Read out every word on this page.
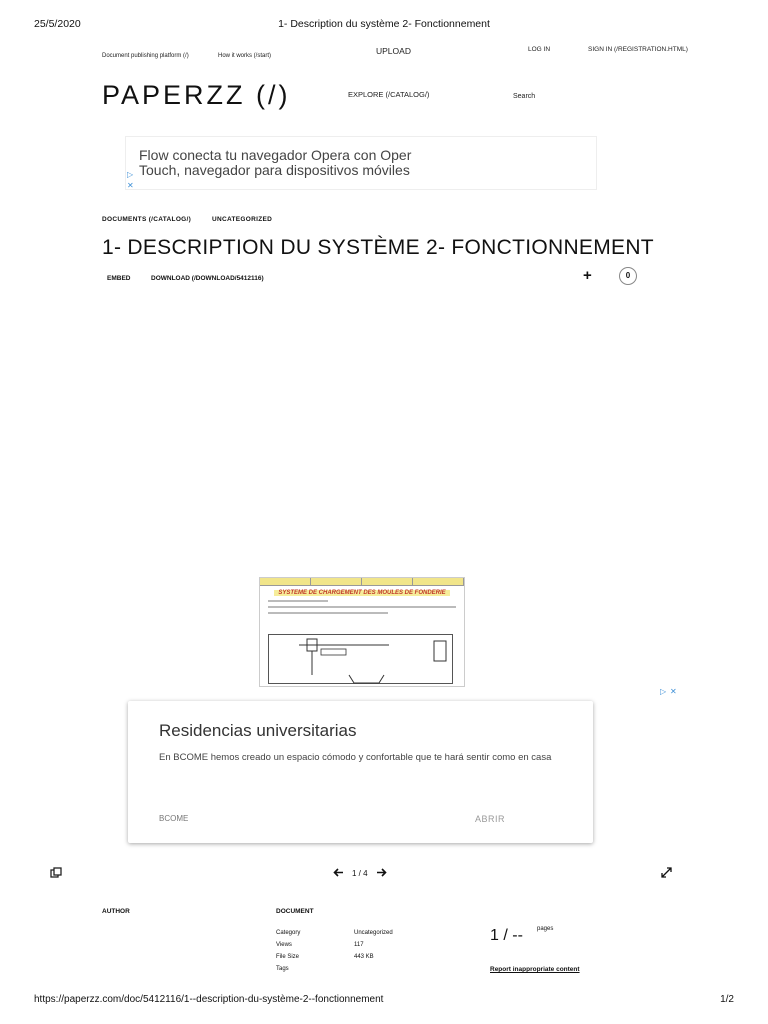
25/5/2020	1- Description du système 2- Fonctionnement
Document publishing platform (/)	How it works (/start)	UPLOAD	LOG IN	SIGN IN (/REGISTRATION.HTML)
PAPERZZ (/)	EXPLORE (/CATALOG/)	Search
Flow conecta tu navegador Opera con Oper
Touch, navegador para dispositivos móviles
▷
✕
DOCUMENTS (/CATALOG/)	UNCATEGORIZED
1- DESCRIPTION DU SYSTÈME 2- FONCTIONNEMENT
EMBED	DOWNLOAD (/DOWNLOAD/5412116)	+	0
SYSTEME DE CHARGEMENT DES MOULES DE FONDERIE
▷ ✕
Residencias universitarias
En BCOME hemos creado un espacio cómodo y confortable que te hará sentir como en casa
BCOME	ABRIR
1 / 4
AUTHOR	DOCUMENT
Category	Uncategorized
Views	117
File Size	443 KB
Tags
1 / -- pages
Report inappropriate content
https://paperzz.com/doc/5412116/1--description-du-système-2--fonctionnement	1/2
